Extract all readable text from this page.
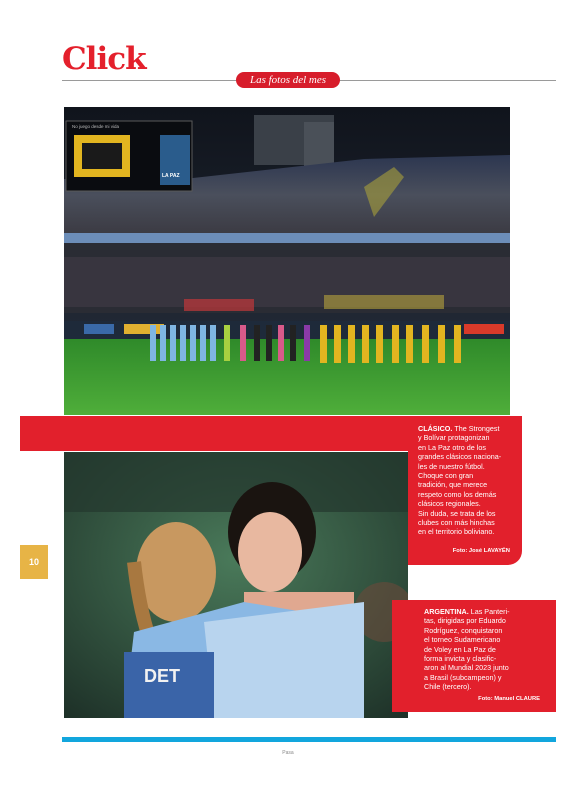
Click
Las fotos del mes
No juego desde mi vida
LA PAZ
DET
CLÁSICO. The Strongest
y Bolívar protagonizan
en La Paz otro de los
grandes clásicos naciona-
les de nuestro fútbol.
Choque con gran
tradición, que merece
respeto como los demás
clásicos regionales.
Sin duda, se trata de los
clubes con más hinchas
en el territorio boliviano.
Foto: José LAVAYÉN
ARGENTINA. Las Panteri-
tas, dirigidas por Eduardo
Rodríguez, conquistaron
el torneo Sudamericano
de Voley en La Paz de
forma invicta y clasific-
aron al Mundial 2023 junto
a Brasil (subcampeon) y
Chile (tercero).
Foto: Manuel CLAURE
10
Pasa
